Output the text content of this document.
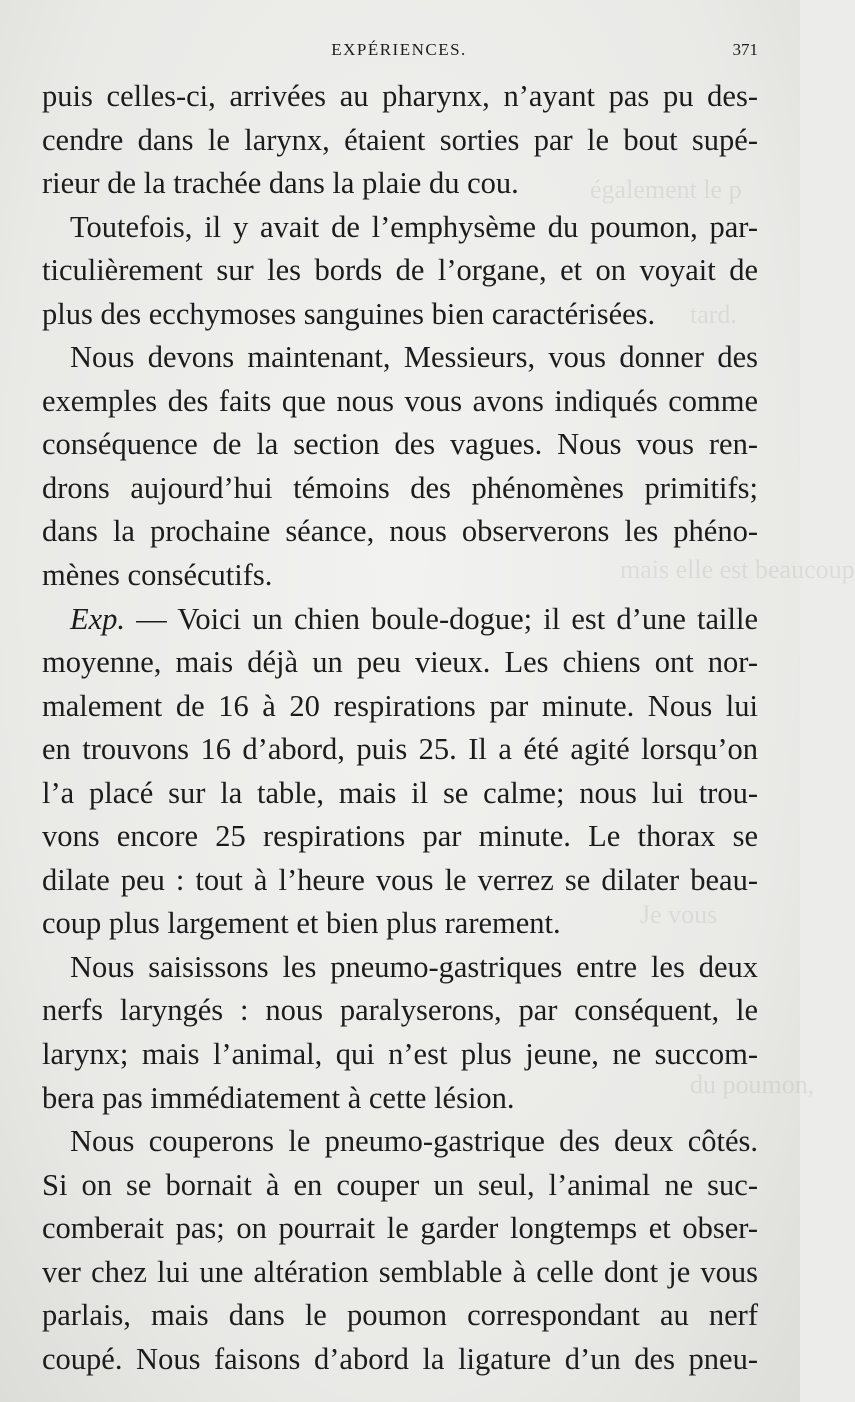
également le p
tard.
mais elle est beaucoup
Je vous
du poumon,
EXPÉRIENCES.	371
puis celles-ci, arrivées au pharynx, n’ayant pas pu des-
cendre dans le larynx, étaient sorties par le bout supé-
rieur de la trachée dans la plaie du cou.
Toutefois, il y avait de l’emphysème du poumon, par-
ticulièrement sur les bords de l’organe, et on voyait de
plus des ecchymoses sanguines bien caractérisées.
Nous devons maintenant, Messieurs, vous donner des
exemples des faits que nous vous avons indiqués comme
conséquence de la section des vagues. Nous vous ren-
drons aujourd’hui témoins des phénomènes primitifs;
dans la prochaine séance, nous observerons les phéno-
mènes consécutifs.
Exp. — Voici un chien boule-dogue; il est d’une taille
moyenne, mais déjà un peu vieux. Les chiens ont nor-
malement de 16 à 20 respirations par minute. Nous lui
en trouvons 16 d’abord, puis 25. Il a été agité lorsqu’on
l’a placé sur la table, mais il se calme; nous lui trou-
vons encore 25 respirations par minute. Le thorax se
dilate peu : tout à l’heure vous le verrez se dilater beau-
coup plus largement et bien plus rarement.
Nous saisissons les pneumo-gastriques entre les deux
nerfs laryngés : nous paralyserons, par conséquent, le
larynx; mais l’animal, qui n’est plus jeune, ne succom-
bera pas immédiatement à cette lésion.
Nous couperons le pneumo-gastrique des deux côtés.
Si on se bornait à en couper un seul, l’animal ne suc-
comberait pas; on pourrait le garder longtemps et obser-
ver chez lui une altération semblable à celle dont je vous
parlais, mais dans le poumon correspondant au nerf
coupé. Nous faisons d’abord la ligature d’un des pneu-
